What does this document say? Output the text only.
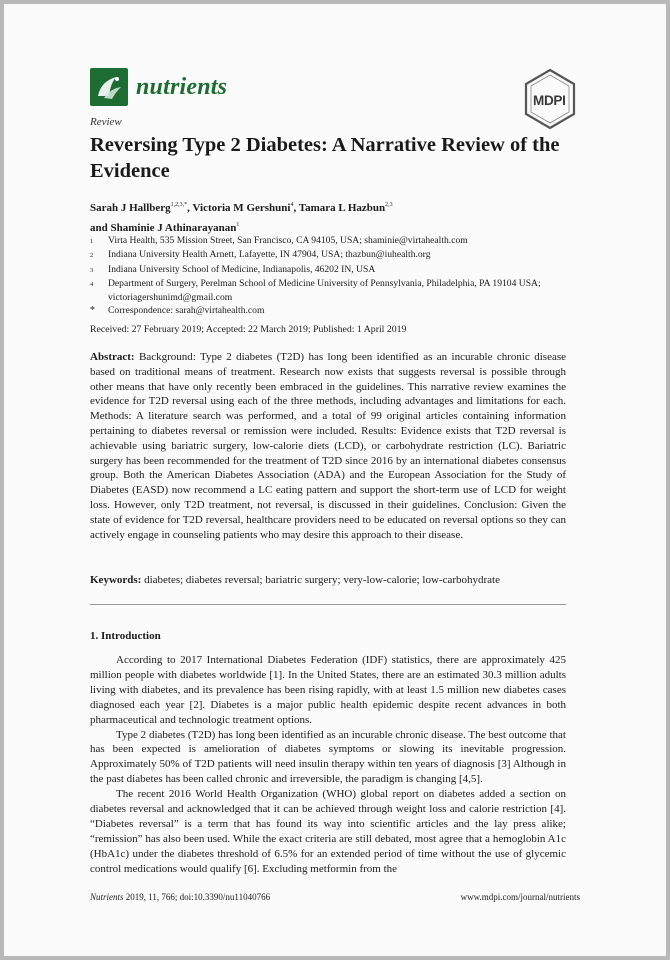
nutrients
MDPI
Review
Reversing Type 2 Diabetes: A Narrative Review of the Evidence
Sarah J Hallberg$^{1,2,3,*}$, Victoria M Gershuni$^4$, Tamara L Hazbun$^{2,3}$
and Shaminie J Athinarayanan$^1$
1	Virta Health, 535 Mission Street, San Francisco, CA 94105, USA; shaminie@virtahealth.com
2	Indiana University Health Arnett, Lafayette, IN 47904, USA; thazbun@iuhealth.org
3	Indiana University School of Medicine, Indianapolis, 46202 IN, USA
4	Department of Surgery, Perelman School of Medicine University of Pennsylvania, Philadelphia, PA 19104 USA; victoriagershunimd@gmail.com
*	Correspondence: sarah@virtahealth.com
Received: 27 February 2019; Accepted: 22 March 2019; Published: 1 April 2019
Abstract: Background: Type 2 diabetes (T2D) has long been identified as an incurable chronic disease based on traditional means of treatment. Research now exists that suggests reversal is possible through other means that have only recently been embraced in the guidelines. This narrative review examines the evidence for T2D reversal using each of the three methods, including advantages and limitations for each. Methods: A literature search was performed, and a total of 99 original articles containing information pertaining to diabetes reversal or remission were included. Results: Evidence exists that T2D reversal is achievable using bariatric surgery, low-calorie diets (LCD), or carbohydrate restriction (LC). Bariatric surgery has been recommended for the treatment of T2D since 2016 by an international diabetes consensus group. Both the American Diabetes Association (ADA) and the European Association for the Study of Diabetes (EASD) now recommend a LC eating pattern and support the short-term use of LCD for weight loss. However, only T2D treatment, not reversal, is discussed in their guidelines. Conclusion: Given the state of evidence for T2D reversal, healthcare providers need to be educated on reversal options so they can actively engage in counseling patients who may desire this approach to their disease.
Keywords: diabetes; diabetes reversal; bariatric surgery; very-low-calorie; low-carbohydrate
1. Introduction

According to 2017 International Diabetes Federation (IDF) statistics, there are approximately 425 million people with diabetes worldwide [1]. In the United States, there are an estimated 30.3 million adults living with diabetes, and its prevalence has been rising rapidly, with at least 1.5 million new diabetes cases diagnosed each year [2]. Diabetes is a major public health epidemic despite recent advances in both pharmaceutical and technologic treatment options.

Type 2 diabetes (T2D) has long been identified as an incurable chronic disease. The best outcome that has been expected is amelioration of diabetes symptoms or slowing its inevitable progression. Approximately 50% of T2D patients will need insulin therapy within ten years of diagnosis [3] Although in the past diabetes has been called chronic and irreversible, the paradigm is changing [4,5].

The recent 2016 World Health Organization (WHO) global report on diabetes added a section on diabetes reversal and acknowledged that it can be achieved through weight loss and calorie restriction [4]. “Diabetes reversal” is a term that has found its way into scientific articles and the lay press alike; “remission” has also been used. While the exact criteria are still debated, most agree that a hemoglobin A1c (HbA1c) under the diabetes threshold of 6.5% for an extended period of time without the use of glycemic control medications would qualify [6]. Excluding metformin from the

Nutrients 2019, 11, 766; doi:10.3390/nu11040766	www.mdpi.com/journal/nutrients
